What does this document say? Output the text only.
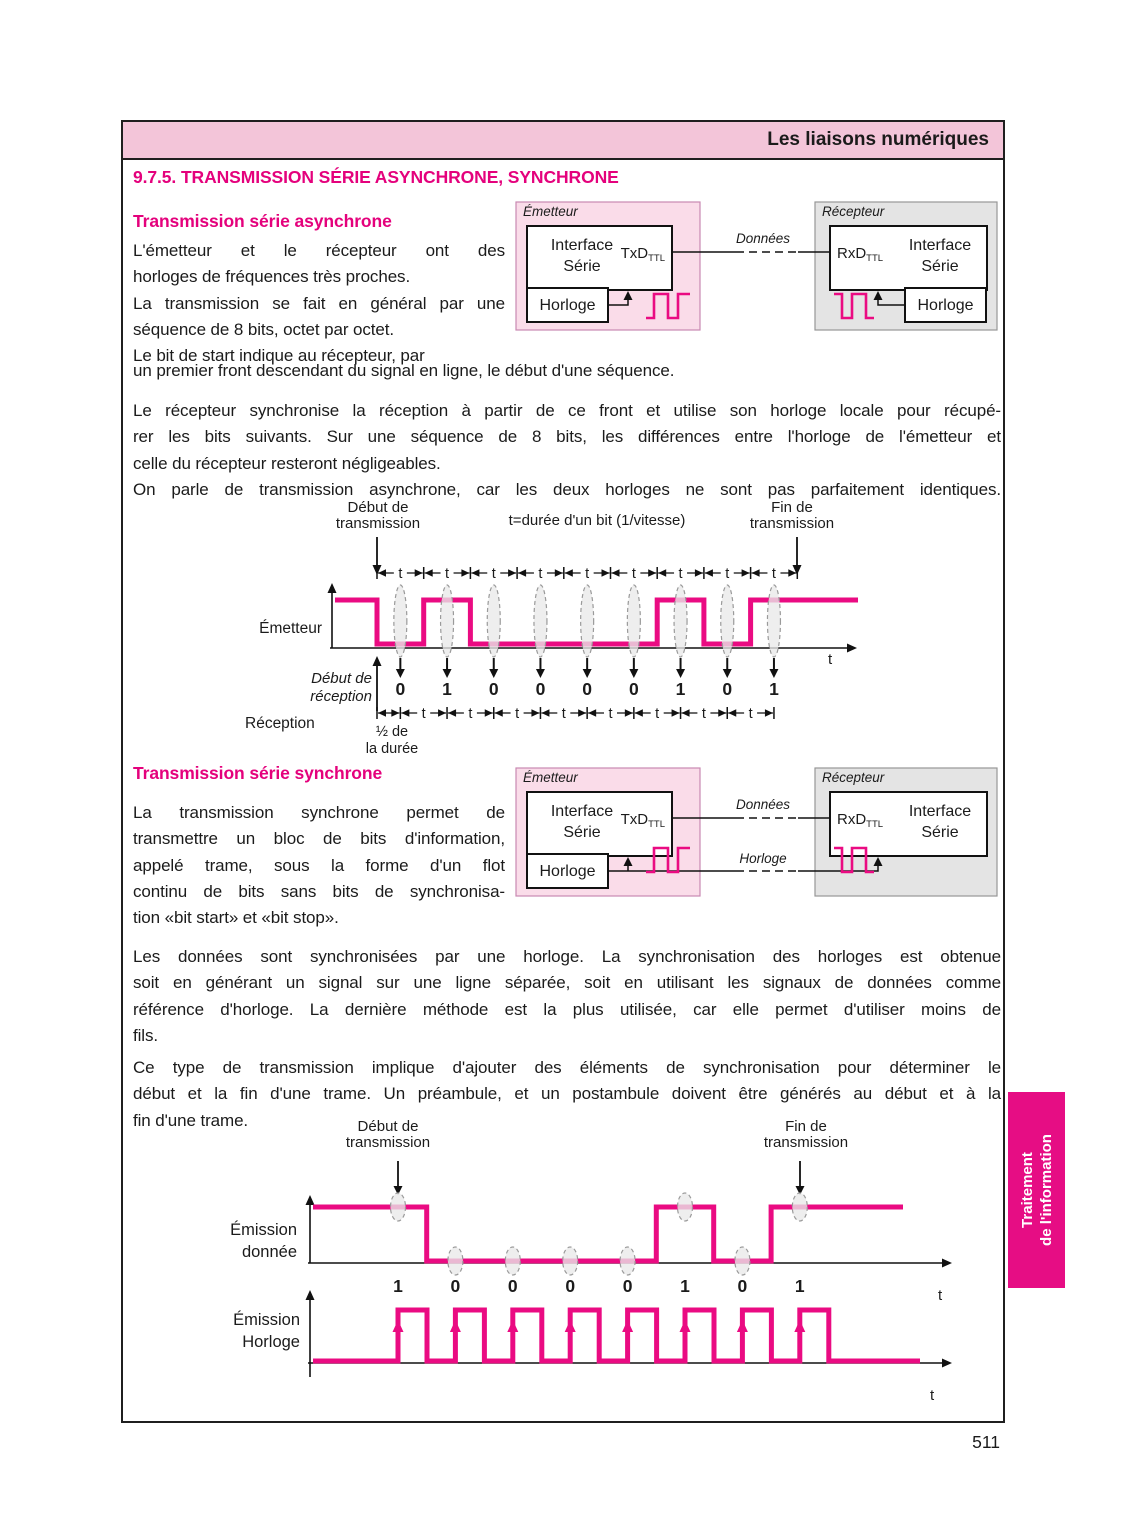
Les liaisons numériques
9.7.5. TRANSMISSION SÉRIE ASYNCHRONE, SYNCHRONE
Transmission série asynchrone
L'émetteur et le récepteur ont des
horloges de fréquences très proches.
La transmission se fait en général par une
séquence de 8 bits, octet par octet.
Le bit de start indique au récepteur, par
un premier front descendant du signal en ligne, le début d'une séquence.
Le récepteur synchronise la réception à partir de ce front et utilise son horloge locale pour récupé-
rer les bits suivants. Sur une séquence de 8 bits, les différences entre l'horloge de l'émetteur et
celle du récepteur resteront négligeables.
On parle de transmission asynchrone, car les deux horloges ne sont pas parfaitement identiques.
Émetteur	Récepteur
Interface
Série
TxD$_{TTL}$
Horloge
RxD$_{TTL}$
Interface
Série
Horloge
Données
Début de
transmission	t=durée d'un bit (1/vitesse)
Fin de
transmission
t
Émetteur
Début de
réception
Réception	½ de
la durée
t	t	t	t	t	t	t	t	t
0 1 0 0 0 0 1 0 1
t	t	t	t	t	t	t	t
Transmission série synchrone
La transmission synchrone permet de
transmettre un bloc de bits d'information,
appelé trame, sous la forme d'un flot
continu de bits sans bits de synchronisa-
tion «bit start» et «bit stop».
Les données sont synchronisées par une horloge. La synchronisation des horloges est obtenue
soit en générant un signal sur une ligne séparée, soit en utilisant les signaux de données comme
référence d'horloge. La dernière méthode est la plus utilisée, car elle permet d'utiliser moins de
fils.
Ce type de transmission implique d'ajouter des éléments de synchronisation pour déterminer le
début et la fin d'une trame. Un préambule, et un postambule doivent être générés au début et à la
fin d'une trame.
Émetteur	Récepteur
Interface
Série
TxD$_{TTL}$
Horloge
Horloge
RxD$_{TTL}$
Interface
Série
Données
Début de
transmission
Fin de
transmission
t
Émission
donnée
t
Émission
Horloge
1	0	0	0	0	1	0	1
Traitement de l'information
511
